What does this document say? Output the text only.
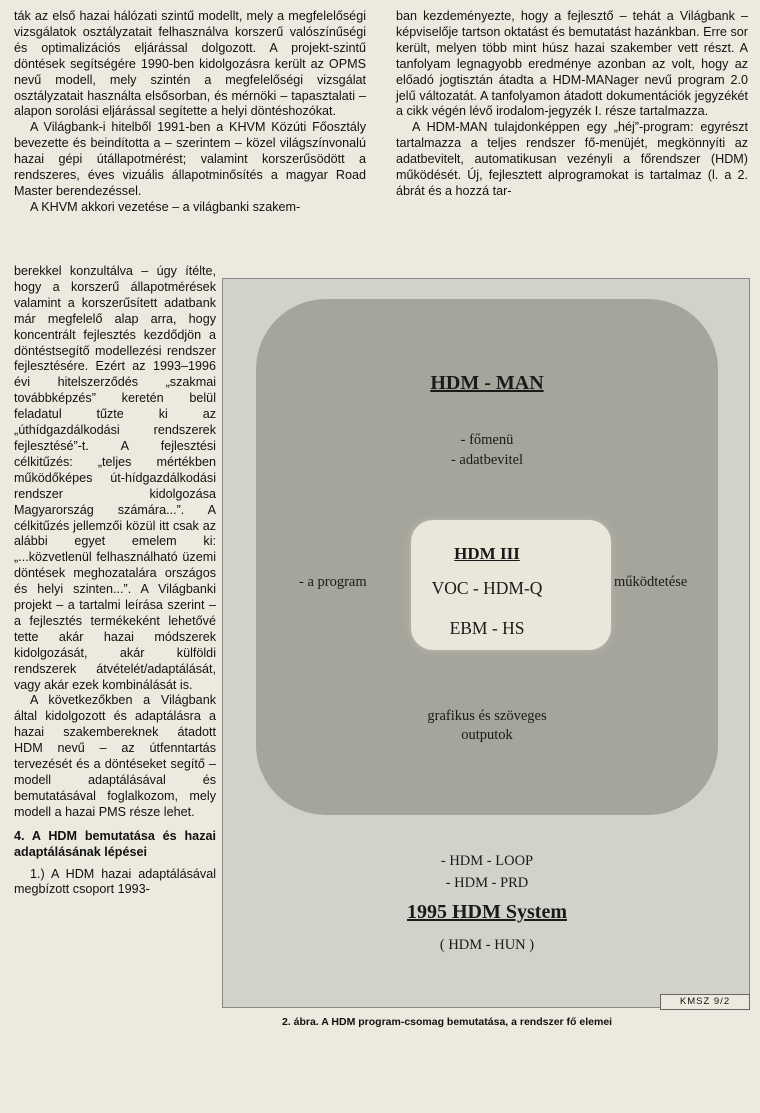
ták az első hazai hálózati szintű modellt, mely a megfelelőségi vizsgálatok osztályzatait felhasználva korszerű valószínűségi és optimalizációs eljárással dolgozott. A projekt-szintű döntések segítségére 1990-ben kidolgozásra került az OPMS nevű modell, mely szintén a megfelelőségi vizsgálat osztályzatait használta elsősorban, és mérnöki – tapasztalati – alapon sorolási eljárással segítette a helyi döntéshozókat.

A Világbank-i hitelből 1991-ben a KHVM Közúti Főosztály bevezette és beindította a – szerintem – közel világszínvonalú hazai gépi útállapotmérést; valamint korszerűsödött a rendszeres, éves vizuális állapotminősítés a magyar Road Master berendezéssel.

A KHVM akkori vezetése – a világbanki szakem-

ban kezdeményezte, hogy a fejlesztő – tehát a Világbank – képviselője tartson oktatást és bemutatást hazánkban. Erre sor került, melyen több mint húsz hazai szakember vett részt. A tanfolyam legnagyobb eredménye azonban az volt, hogy az előadó jogtisztán átadta a HDM-MANager nevű program 2.0 jelű változatát. A tanfolyamon átadott dokumentációk jegyzékét a cikk végén lévő irodalom-jegyzék I. része tartalmazza.

A HDM-MAN tulajdonképpen egy „héj”-program: egyrészt tartalmazza a teljes rendszer fő-menüjét, megkönnyíti az adatbevitelt, automatikusan vezényli a főrendszer (HDM) működését. Új, fejlesztett alprogramokat is tartalmaz (l. a 2. ábrát és a hozzá tar-

berekkel konzultálva – úgy ítélte, hogy a korszerű állapotmérések valamint a korszerűsített adatbank már megfelelő alap arra, hogy koncentrált fejlesztés kezdődjön a döntéstsegítő modellezési rendszer fejlesztésére. Ezért az 1993–1996 évi hitelszerződés „szakmai továbbképzés” keretén belül feladatul tűzte ki az „úthídgazdálkodási rendszerek fejlesztésé”-t. A fejlesztési célkitűzés: „teljes mértékben működőképes út-hídgazdálkodási rendszer kidolgozása Magyarország számára...”. A célkitűzés jellemzői közül itt csak az alábbi egyet emelem ki: „...közvetlenül felhasználható üzemi döntések meghozatalára országos és helyi szinten...”. A Világbanki projekt – a tartalmi leírása szerint – a fejlesztés termékeként lehetővé tette akár hazai módszerek kidolgozását, akár külföldi rendszerek átvételét/adaptálását, vagy akár ezek kombinálását is.

A következőkben a Világbank által kidolgozott és adaptálásra a hazai szakembereknek átadott HDM nevű – az útfenntartás tervezését és a döntéseket segítő – modell adaptálásával és bemutatásával foglalkozom, mely modell a hazai PMS része lehet.

4. A HDM bemutatása és hazai adaptálásának lépései

1.) A HDM hazai adaptálásával megbízott csoport 1993-

HDM - MAN
- főmenü
- adatbevitel
HDM III
VOC - HDM-Q
EBM - HS
- a program	működtetése
grafikus és szöveges
outputok
- HDM - LOOP
- HDM - PRD
1995 HDM System
( HDM - HUN )
KMSZ 9/2
2. ábra. A HDM program-csomag bemutatása, a rendszer fő elemei
